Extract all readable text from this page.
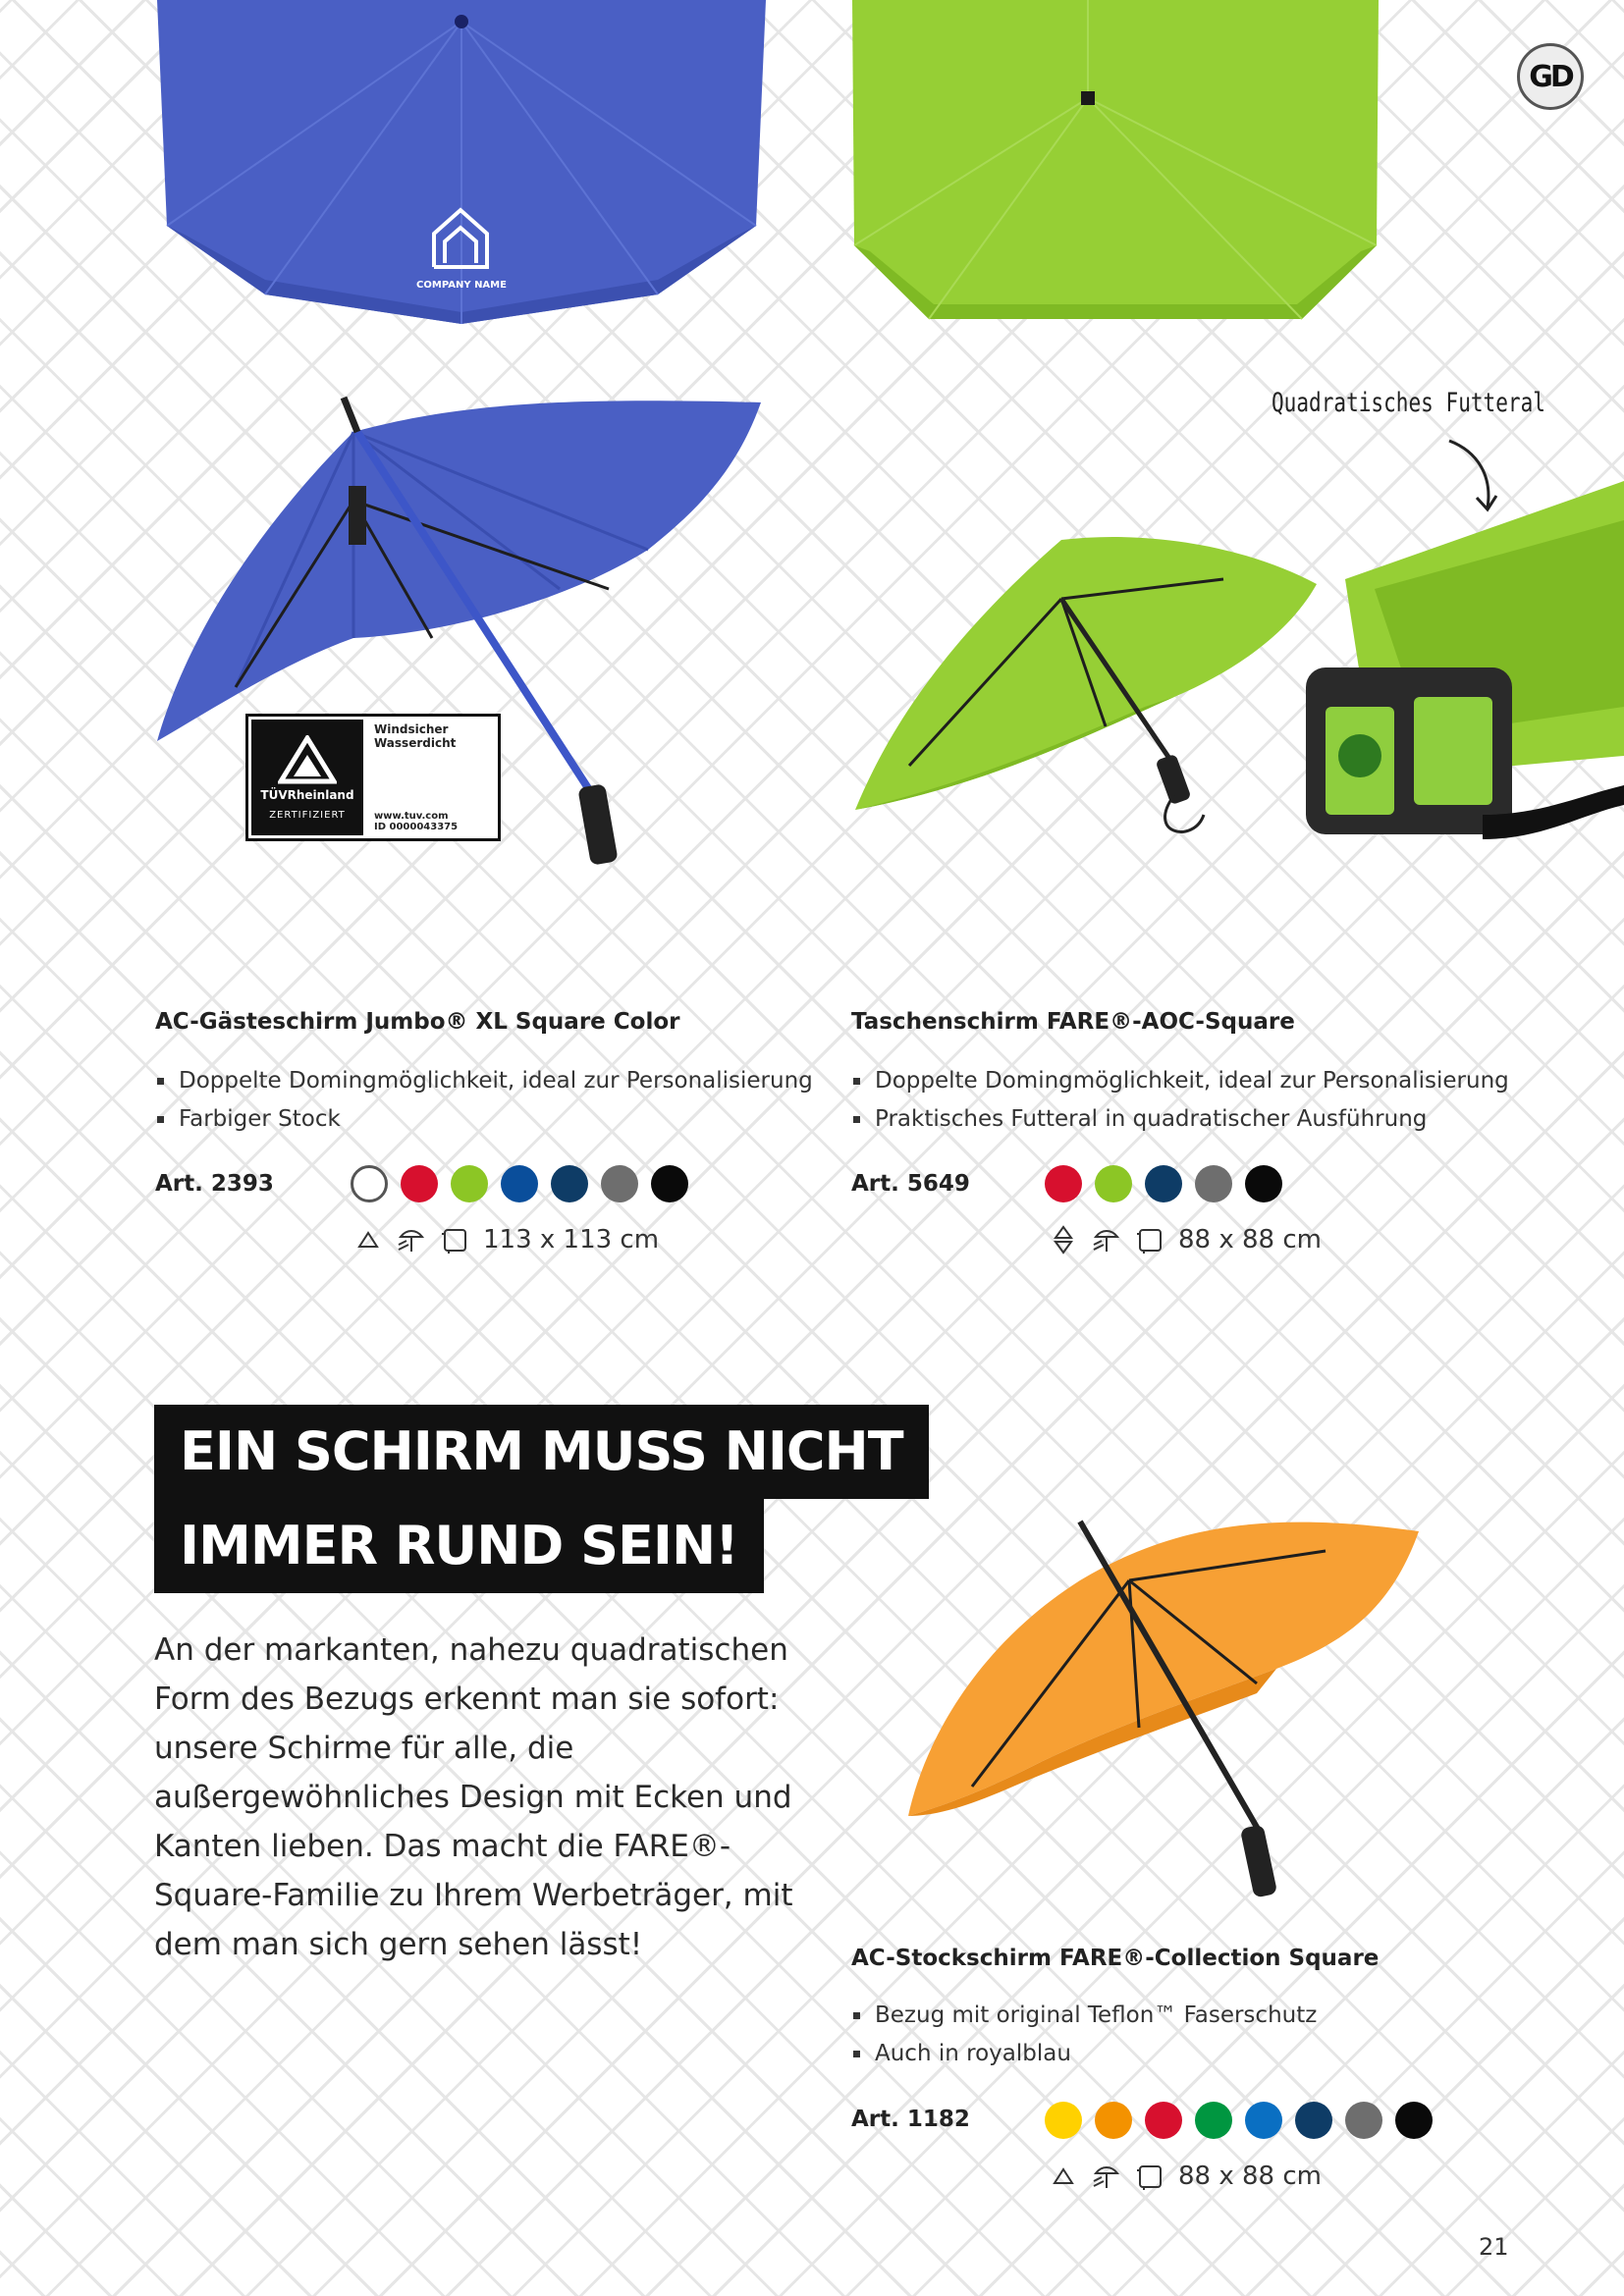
GD
COMPANY NAME
TÜVRheinland
ZERTIFIZIERT
Windsicher
Wasserdicht
www.tuv.com
ID 0000043375
Quadratisches Futteral
AC-Gästeschirm Jumbo® XL Square Color
Doppelte Domingmöglichkeit, ideal zur Personalisierung
Farbiger Stock
Art. 2393
113 x 113 cm
Taschenschirm FARE®-AOC-Square
Doppelte Domingmöglichkeit, ideal zur Personalisierung
Praktisches Futteral in quadratischer Ausführung
Art. 5649
88 x 88 cm
EIN SCHIRM MUSS NICHT
IMMER RUND SEIN!
An der markanten, nahezu quadratischen Form des Bezugs erkennt man sie sofort: unsere Schirme für alle, die außergewöhnliches Design mit Ecken und Kanten lieben. Das macht die FARE®-Square-Familie zu Ihrem Werbeträger, mit dem man sich gern sehen lässt!	AC-Stockschirm FARE®-Collection Square
Bezug mit original Teflon™ Faserschutz
Auch in royalblau
Art. 1182
88 x 88 cm
21
